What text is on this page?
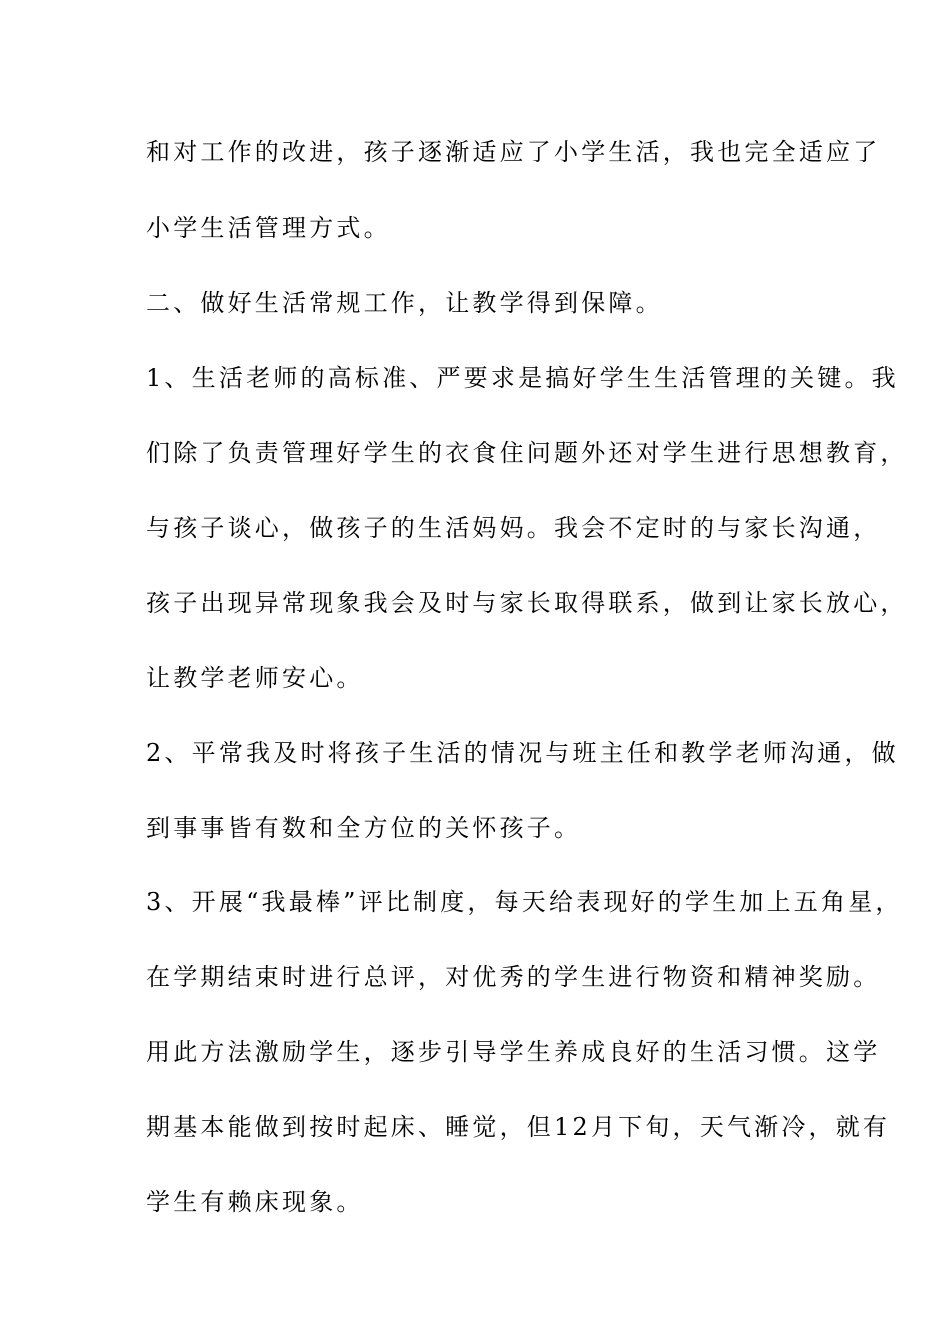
和对工作的改进，孩子逐渐适应了小学生活，我也完全适应了
小学生活管理方式。
二、做好生活常规工作，让教学得到保障。
1、生活老师的高标准、严要求是搞好学生生活管理的关键。我
们除了负责管理好学生的衣食住问题外还对学生进行思想教育，
与孩子谈心，做孩子的生活妈妈。我会不定时的与家长沟通，
孩子出现异常现象我会及时与家长取得联系，做到让家长放心，
让教学老师安心。
2、平常我及时将孩子生活的情况与班主任和教学老师沟通，做
到事事皆有数和全方位的关怀孩子。
3、开展“我最棒”评比制度，每天给表现好的学生加上五角星，
在学期结束时进行总评，对优秀的学生进行物资和精神奖励。
用此方法激励学生，逐步引导学生养成良好的生活习惯。这学
期基本能做到按时起床、睡觉，但12月下旬，天气渐冷，就有
学生有赖床现象。
